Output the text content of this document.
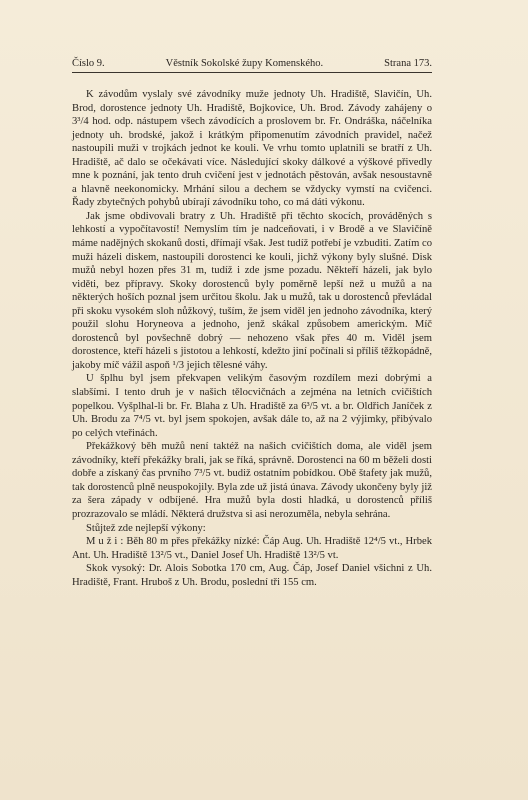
Číslo 9.	Věstník Sokolské župy Komenského.	Strana 173.

K závodům vyslaly své závodníky muže jednoty Uh. Hradiště, Slavičín, Uh. Brod, dorostence jednoty Uh. Hradiště, Bojkovice, Uh. Brod. Závody zahájeny o 3³/4 hod. odp. nástupem všech závodících a proslovem br. Fr. Ondráška, náčelníka jednoty uh. brodské, jakož i krátkým připomenutím závodních pravidel, načež nastoupili muži v trojkách jednot ke kouli. Ve vrhu tomto uplatnili se bratří z Uh. Hradiště, ač dalo se očekávati více. Následující skoky dálkové a výškové přivedly mne k poznání, jak tento druh cvičení jest v jednotách pěstován, avšak nesoustavně a hlavně neekonomicky. Mrhání silou a dechem se vždycky vymstí na cvičenci. Řady zbytečných pohybů ubírají závodníku toho, co má dáti výkonu.

Jak jsme obdivovali bratry z Uh. Hradiště při těchto skocích, prováděných s lehkostí a vypočítavostí! Nemyslím tím je nadceňovati, i v Brodě a ve Slavičíně máme nadějných skokanů dosti, dřímají však. Jest tudíž potřebí je vzbuditi. Zatím co muži házeli diskem, nastoupili dorostenci ke kouli, jichž výkony byly slušné. Disk mužů nebyl hozen přes 31 m, tudíž i zde jsme pozadu. Někteří házeli, jak bylo viděti, bez přípravy. Skoky dorostenců byly poměrně lepší než u mužů a na některých hoších poznal jsem určitou školu. Jak u mužů, tak u dorostenců převládal při skoku vysokém sloh nůžkový, tuším, že jsem viděl jen jednoho závodníka, který použil slohu Horyneova a jednoho, jenž skákal způsobem americkým. Míč dorostenců byl povšechně dobrý — nehozeno však přes 40 m. Viděl jsem dorostence, kteří házeli s jistotou a lehkostí, kdežto jiní počínali si příliš těžkopádně, jakoby míč vážil aspoň ¹/3 jejich tělesné váhy.

U šplhu byl jsem překvapen velikým časovým rozdílem mezi dobrými a slabšími. I tento druh je v našich tělocvičnách a zejména na letních cvičištích popelkou. Vyšplhal-li br. Fr. Blaha z Uh. Hradiště za 6³/5 vt. a br. Oldřich Janíček z Uh. Brodu za 7⁴/5 vt. byl jsem spokojen, avšak dále to, až na 2 výjimky, přibývalo po celých vteřinách.

Překážkový běh mužů není taktéž na našich cvičištích doma, ale viděl jsem závodníky, kteří překážky brali, jak se říká, správně. Dorostenci na 60 m běželi dosti dobře a získaný čas prvního 7³/5 vt. budiž ostatním pobídkou. Obě štafety jak mužů, tak dorostenců plně neuspokojily. Byla zde už jistá únava. Závody ukončeny byly již za šera západy v odbíjené. Hra mužů byla dosti hladká, u dorostenců příliš prozrazovalo se mládí. Některá družstva si asi nerozuměla, nebyla sehrána.

Stůjtež zde nejlepší výkony:

M u ž i : Běh 80 m přes překážky nízké: Čáp Aug. Uh. Hradiště 12⁴/5 vt., Hrbek Ant. Uh. Hradiště 13²/5 vt., Daniel Josef Uh. Hradiště 13²/5 vt.

Skok vysoký: Dr. Alois Sobotka 170 cm, Aug. Čáp, Josef Daniel všichni z Uh. Hradiště, Frant. Hruboš z Uh. Brodu, poslední tři 155 cm.
